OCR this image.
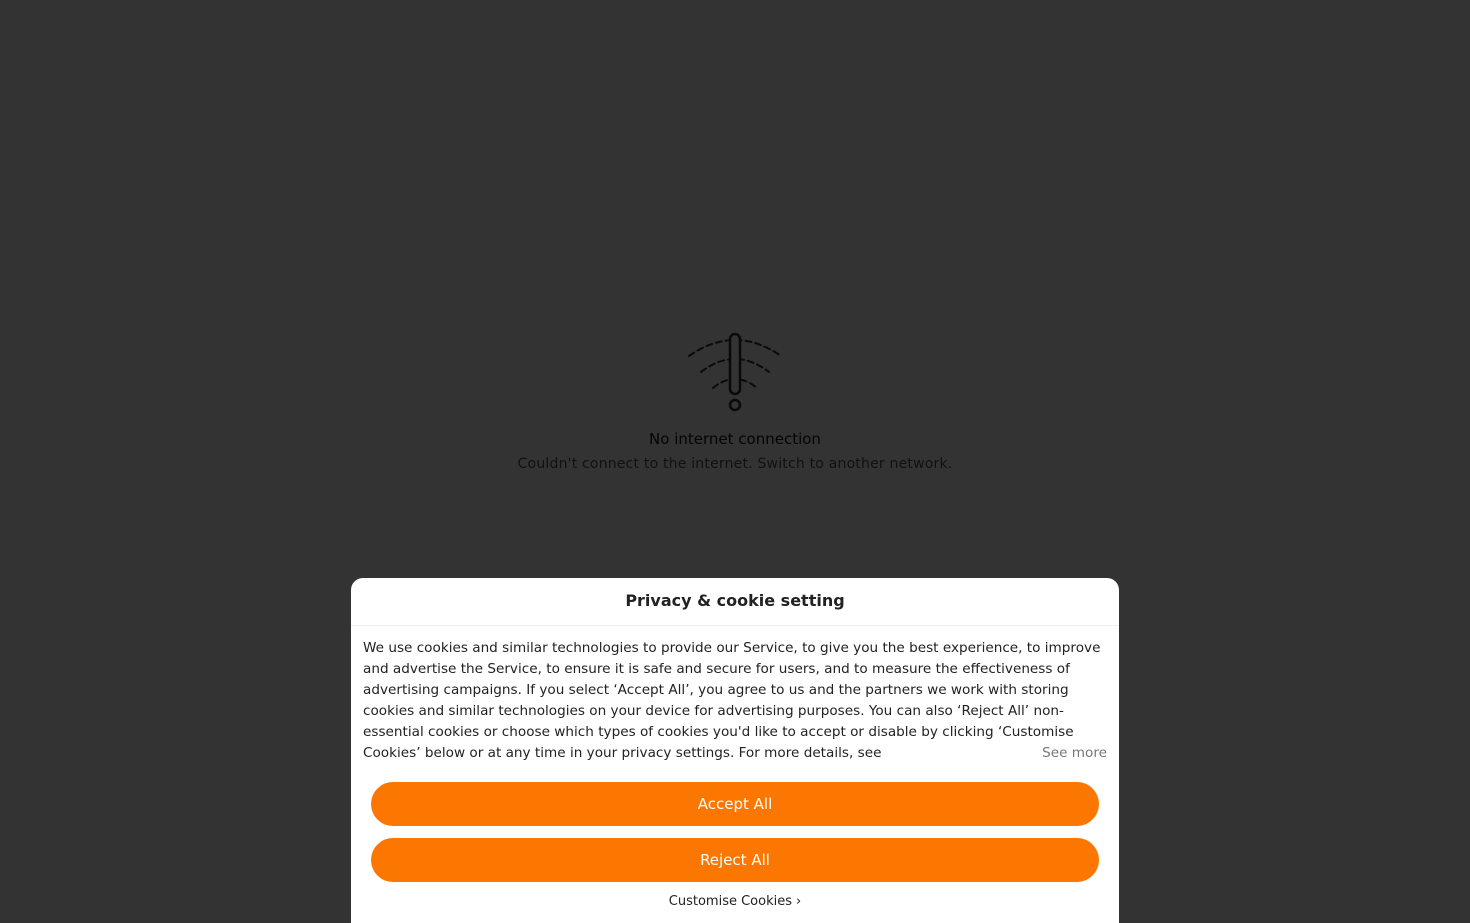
Privacy & cookie setting
We use cookies and similar technologies to provide our Service, to give you the best experience, to improve and advertise the Service, to ensure it is safe and secure for users, and to measure the effectiveness of advertising campaigns. If you select ‘Accept All’, you agree to us and the partners we work with storing cookies and similar technologies on your device for advertising purposes. You can also ‘Reject All’ non-essential cookies or choose which types of cookies you'd like to accept or disable by clicking ‘Customise Cookies’ below or at any time in your privacy settings. For more details, see	See more
Accept All
Reject All
Customise Cookies ›
